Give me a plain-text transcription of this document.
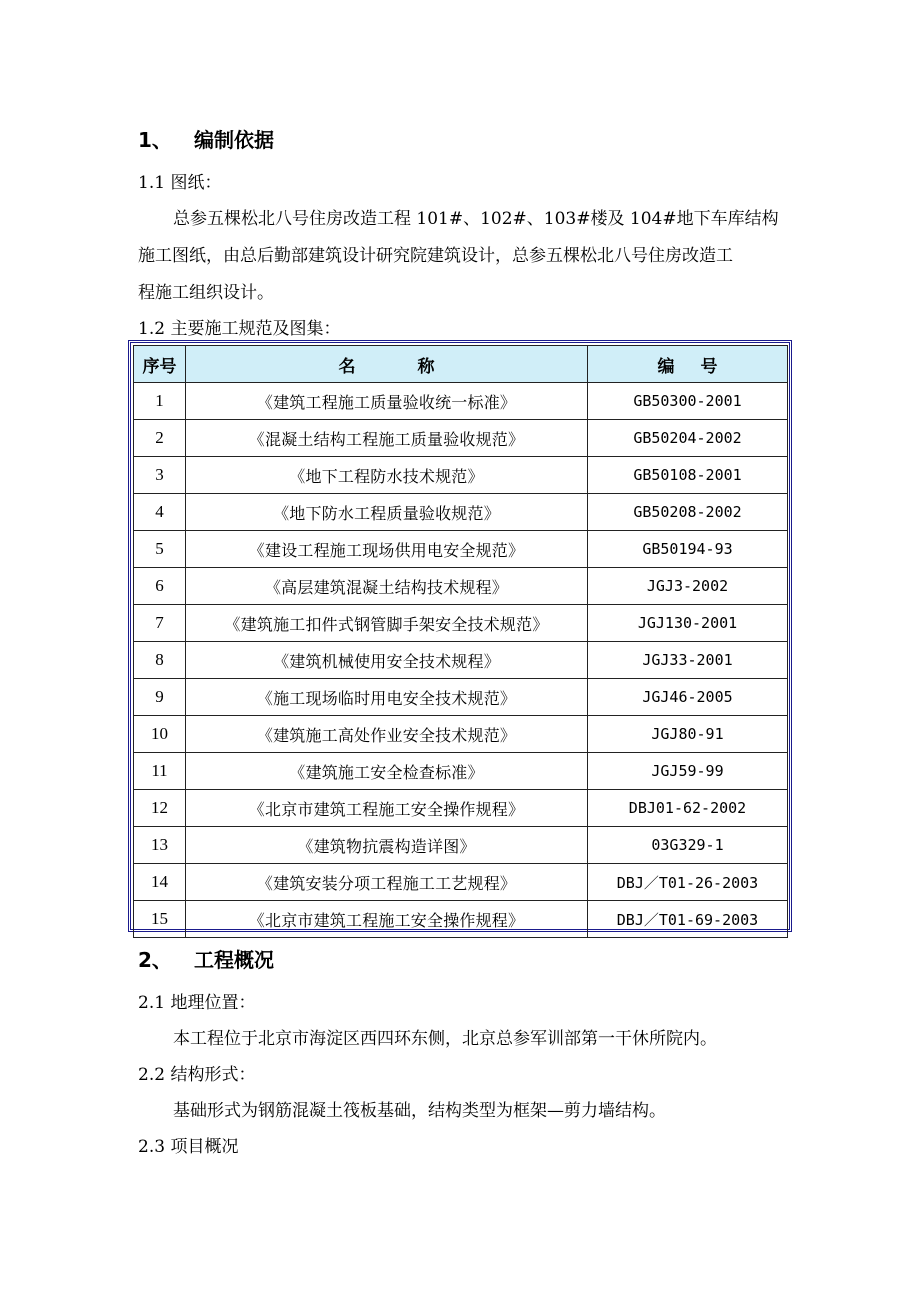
1、 编制依据
1.1 图纸：
总参五棵松北八号住房改造工程 101#、102#、103#楼及 104#地下车库结构
施工图纸，由总后勤部建筑设计研究院建筑设计，总参五棵松北八号住房改造工
程施工组织设计。
1.2 主要施工规范及图集：
序号	名称	编号
1	《建筑工程施工质量验收统一标准》	GB50300-2001
2	《混凝土结构工程施工质量验收规范》	GB50204-2002
3	《地下工程防水技术规范》	GB50108-2001
4	《地下防水工程质量验收规范》	GB50208-2002
5	《建设工程施工现场供用电安全规范》	GB50194-93
6	《高层建筑混凝土结构技术规程》	JGJ3-2002
7	《建筑施工扣件式钢管脚手架安全技术规范》	JGJ130-2001
8	《建筑机械使用安全技术规程》	JGJ33-2001
9	《施工现场临时用电安全技术规范》	JGJ46-2005
10	《建筑施工高处作业安全技术规范》	JGJ80-91
11	《建筑施工安全检查标准》	JGJ59-99
12	《北京市建筑工程施工安全操作规程》	DBJ01-62-2002
13	《建筑物抗震构造详图》	03G329-1
14	《建筑安装分项工程施工工艺规程》	DBJ／T01-26-2003
15	《北京市建筑工程施工安全操作规程》	DBJ／T01-69-2003
2、 工程概况
2.1 地理位置：
本工程位于北京市海淀区西四环东侧，北京总参军训部第一干休所院内。
2.2 结构形式：
基础形式为钢筋混凝土筏板基础，结构类型为框架—剪力墙结构。
2.3 项目概况
